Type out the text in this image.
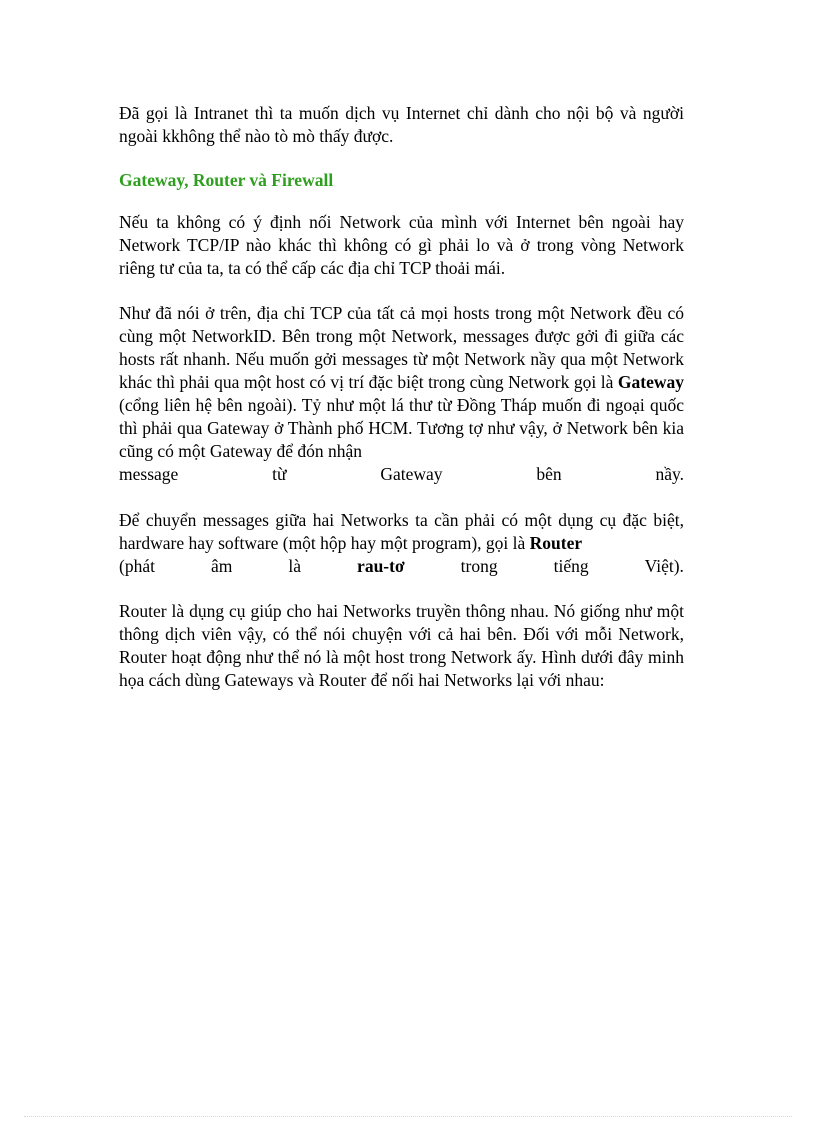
Đã gọi là Intranet thì ta muốn dịch vụ Internet chỉ dành cho nội bộ và người ngoài kkhông thể nào tò mò thấy được.

Gateway, Router và Firewall

Nếu ta không có ý định nối Network của mình với Internet bên ngoài hay Network TCP/IP nào khác thì không có gì phải lo và ở trong vòng Network riêng tư của ta, ta có thể cấp các địa chỉ TCP thoải mái.

Như đã nói ở trên, địa chỉ TCP của tất cả mọi hosts trong một Network đều có cùng một NetworkID. Bên trong một Network, messages được gởi đi giữa các hosts rất nhanh. Nếu muốn gởi messages từ một Network nầy qua một Network khác thì phải qua một host có vị trí đặc biệt trong cùng Network gọi là Gateway (cổng liên hệ bên ngoài). Tỷ như một lá thư từ Đồng Tháp muốn đi ngoại quốc thì phải qua Gateway ở Thành phố HCM. Tương tợ như vậy, ở Network bên kia cũng có một Gateway để đón nhận
message	từ	Gateway	bên	nầy.
Để chuyển messages giữa hai Networks ta cần phải có một dụng cụ đặc biệt, hardware hay software (một hộp hay một program), gọi là Router
(phát	âm	là	rau-tơ	trong	tiếng	Việt).

Router là dụng cụ giúp cho hai Networks truyền thông nhau. Nó giống như một thông dịch viên vậy, có thể nói chuyện với cả hai bên. Đối với mỗi Network, Router hoạt động như thể nó là một host trong Network ấy. Hình dưới đây minh họa cách dùng Gateways và Router để nối hai Networks lại với nhau:
